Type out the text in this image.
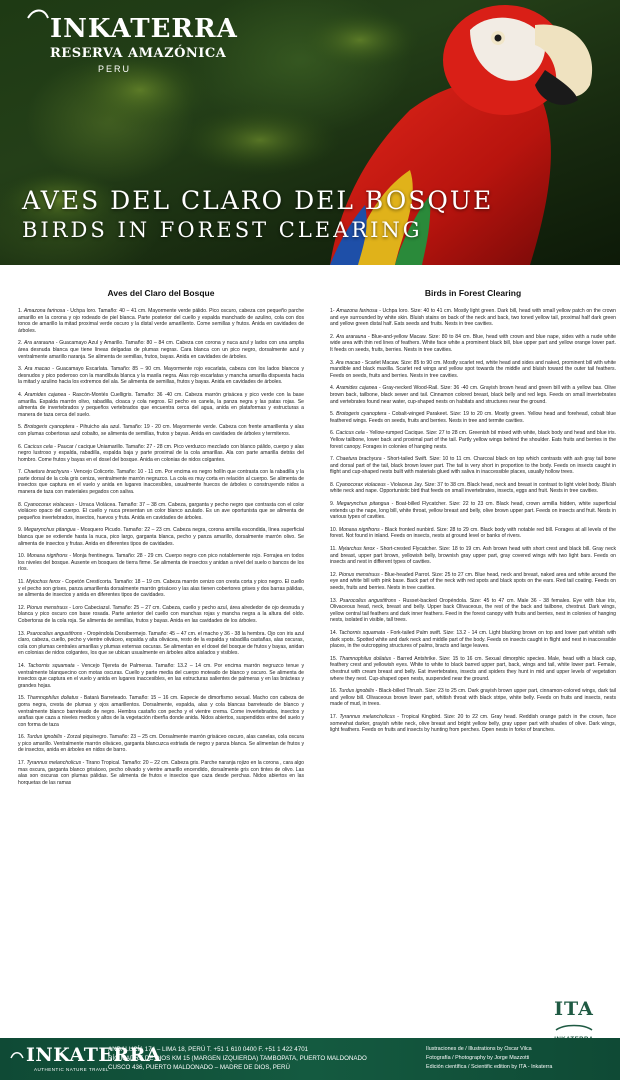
INKATERRA
RESERVA AMAZÓNICA
PERU
AVES DEL CLARO DEL BOSQUE
BIRDS IN FOREST CLEARING
Aves del Claro del Bosque

1. Amazona farinosa - Uchpa loro. Tamaño: 40 – 41 cm. Mayormente verde pálido. Pico oscuro, cabeza con pequeño parche amarillo en la corona y ojo rodeado de piel blanca. Parte posterior del cuello y espalda manchado de azulino, cola con dos tonos de amarillo la mitad proximal verde oscuro y la distal verde amarillento. Come semillas y frutos. Anida en cavidades de árboles.

2. Ara ararauna - Guacamayo Azul y Amarillo. Tamaño: 80 – 84 cm. Cabeza con corona y nuca azul y lados con una amplia área desnuda blanca que tiene líneas delgadas de plumas negras. Cara blanca con un pico negro, dorsalmente azul y ventralmente amarillo naranja. Se alimenta de semillas, frutos, bayas. Anida en cavidades de árboles.

3. Ara macao - Guacamayo Escarlata. Tamaño: 85 – 90 cm. Mayormente rojo escarlata, cabeza con los lados blancos y desnudos y pico poderoso con la mandíbula blanca y la maxila negra. Alas rojo escarlatas y mancha amarilla dispuesta hacia la mitad y azulino hacia los extremos del ala. Se alimenta de semillas, frutos y bayas. Anida en cavidades de árboles.

4. Aramides cajanea - Rascón-Montés Cuelligris. Tamaño: 36 -40 cm. Cabeza marrón grisácea y pico verde con la base amarilla. Espalda marrón olivo, rabadilla, cloaca y cola negros. El pecho es canela, la panza negra y las patas rojas. Se alimenta de invertebrados y pequeños vertebrados que encuentra cerca del agua, anida en plataformas y estructuras a manera de taza cerca del suelo.

5. Brotogeris cyanoptera - Pihuicho ala azul. Tamaño: 19 - 20 cm. Mayormente verde. Cabeza con frente amarillenta y alas con plumas cobertoras azul cobalto, se alimenta de semillas, frutos y bayas. Anida en cavidades de árboles y termiteros.

6. Cacicus cela - Paucar / cacique Uniamarillo. Tamaño: 27 - 28 cm. Pico verduzco mezclado con blanco pálido, cuerpo y alas negro lustroso y espalda, rabadilla, espalda baja y parte proximal de la cola amarillas. Ala con parte amarilla detrás del hombro. Come frutos y bayas en el dosel del bosque. Anida en colonias de nidos colgantes.

7. Chaetura brachyura - Vencejo Colicorto. Tamaño: 10 - 11 cm. Por encima es negro hollín que contrasta con la rabadilla y la parte dorsal de la cola gris ceniza, ventralmente marrón negruzco. La cola es muy corta en relación al cuerpo. Se alimenta de insectos que captura en el vuelo y anida en lugares inaccesibles, usualmente huecos de árboles o construyendo nidos a manera de taza con materiales pegados con saliva.

8. Cyanocorax violaceus - Urraca Violácea. Tamaño: 37 – 38 cm. Cabeza, garganta y pecho negro que contrasta con el color violáceo opaco del cuerpo. El cuello y nuca presentan un color blanco azulado. Es un ave oportunista que se alimenta de pequeños invertebrados, insectos, huevos y fruta. Anida en cavidades de árboles.

9. Megarynchus pitangua - Mosquero Picudo. Tamaño: 22 – 23 cm. Cabeza negra, corona armilla escondida, línea superficial blanca que se extiende hasta la nuca, pico largo, garganta blanca, pecho y panza amarillo, dorsalmente marrón olivo. Se alimenta de insectos y frutas. Anida en diferentes tipos de cavidades.

10. Monasa nigrifrons - Monja frentinegra. Tamaño: 28 - 29 cm. Cuerpo negro con pico notablemente rojo. Forrajea en todos los niveles del bosque. Ausente en bosques de tierra firme. Se alimenta de insectos y anidan a nivel del suelo o bancos de los ríos.

11. Myiochus ferox - Copetón Crestícorta. Tamaño: 18 – 19 cm. Cabeza marrón cenizo con cresta corta y pico negro. El cuello y el pecho son grises, panza amarillenta dorsalmente marrón grisáceo y las alas tienen cobertores grises y dos barras pálidas, se alimenta de insectos y anida en diferentes tipos de cavidades.

12. Pionus menstruus - Loro Cabeciazul. Tamaño: 25 – 27 cm. Cabeza, cuello y pecho azul, área alrededor de ojo desnuda y blanca y pico oscuro con base rosada. Parte anterior del cuello con manchas rojas y mancha negra a la altura del oído. Cobertoras de la cola roja. Se alimenta de semillas, frutos y bayas. Anida en las cavidades de los árboles.

13. Psarocolius angustifrons - Oropéndola Dorsibermejo. Tamaño: 45 – 47 cm. el macho y 36 - 38 la hembra. Ojo con iris azul claro, cabeza, cuello, pecho y vientre oliváceo, espalda y alta olivácea, resto de la espalda y rabadilla castañas, alas oscuras, cola con plumas centrales amarillas y plumas externas oscuras. Se alimentan en el dosel del bosque de frutos y bayas, anidan en colonias de nidos colgantes, los que se ubican usualmente en árboles altos aislados y visibles.

14. Tachornis squamata - Vencejo Tijereta de Palmeras. Tamaño: 13.2 – 14 cm. Por encima marrón negruzco tenue y ventralmente blanquecino con motas oscuras. Cuello y parte media del cuerpo moteado de blanco y oscuro. Se alimenta de insectos que captura en el vuelo y anida en lugares inaccesibles, en las estructuras salientes de palmeras y en las brácteas y grandes hojas.

15. Thamnophilus doliatus - Batará Barreteado. Tamaño: 15 – 16 cm. Especie de dimorfismo sexual. Macho con cabeza de gorra negra, cresta de plumas y ojos amarillentos. Dorsalmente, espalda, alas y cola blancas barreteado de blanco y ventralmente blanco barreteado de negro. Hembra castaño con pecho y el vientre crema. Come invertebrados, insectos y arañas que caza a niveles medios y altos de la vegetación riberña donde anida. Nidos abiertos, suspendidos entre del suelo y con forma de taza

16. Turdus ignobilis - Zorzal piquinegro. Tamaño: 23 – 25 cm. Dorsalmente marrón grisáceo oscuro, alas canelas, cola oscura y pico amarillo. Ventralmente marrón oliváceo, garganta blancuzca estriada de negro y panza blanca. Se alimentan de frutos y de insectos, anida en árboles en nidos de barro.

17. Tyrannus melancholicus - Tirano Tropical. Tamaño: 20 – 22 cm. Cabeza gris. Parche naranja rojizo en la corona , cara algo mas oscura, garganta blanco grisáceo, pecho olivado y vientre amarillo encendido, dorsalmente gris con tintes de olivo. Las alas son oscuras con plumas pálidas. Se alimenta de frutos e insectos que caza desde perchas. Nidos abiertos en las horquetas de las ramas

Birds in Forest Clearing

1- Amazona farinosa - Uchpa loro. Size: 40 to 41 cm. Mostly light green. Dark bill, head with small yellow patch on the crown and eye surrounded by white skin. Bluish stains on back of the neck and back, two toned yellow tail, proximal half dark green and yellow green distal half. Eats seeds and fruits. Nests in tree cavities.

2. Ara ararauna - Blue-and-yellow Macaw. Size: 80 to 84 cm. Blue, head with crown and blue nape, sides with a nude white wide area with thin red lines of feathers. White face white a prominent black bill, blue upper part and yellow orange lower part. It feeds on seeds, fruits, berries. Nests in tree cavities.

3. Ara macao - Scarlet Macaw. Size: 85 to 90 cm. Mostly scarlet red, white head and sides and naked, prominent bill with white mandible and black maxilla. Scarlet red wings and yellow spot towards the middle and bluish toward the outer tail feathers. Feeds on seeds, fruits and berries. Nests in tree cavities.

4. Aramides cajanea - Gray-necked Wood-Rail. Size: 36 -40 cm. Grayish brown head and green bill with a yellow bas. Olive brown back, tailbone, black sewer and tail. Cinnamon colored breast, black belly and red legs. Feeds on small invertebrates and vertebrates found near water, cup-shaped nests on habitats and structures near the ground.

5. Brotogeris cyanoptera - Cobalt-winged Parakeet. Size: 19 to 20 cm. Mostly green. Yellow head and forehead, cobalt blue feathered wings. Feeds on seeds, fruits and berries. Nests in tree and termite cavities.

6. Cacicus cela - Yellow-rumped Cacique. Size: 27 to 28 cm. Greenish bil mixed with white, black body and head and blue iris. Yellow tailbone, lower back and proximal part of the tail. Partly yellow wings behind the shoulder. Eats fruits and berries in the forest canopy. Forages in colonies of hanging nests.

7. Chaetura brachyura - Short-tailed Swift. Size: 10 to 11 cm. Charcoal black on top which contrasts with ash gray tail bone and dorsal part of the tail, black brown lower part. The tail is very short in proportion to the body. Feeds on insects caught in flight and cup-shaped nests built with materials glued with saliva in inaccessible places, usually hollow trees.

8. Cyanocorax violaceus - Violaceus Jay. Size: 37 to 38 cm. Black head, neck and breast in contrast to light violet body. Bluish white neck and nape. Opportunistic bird that feeds on small invertebrates, insects, eggs and fruit. Nests in tree cavities.

9. Megarynchus pitangua - Boat-billed Flycatcher. Size: 22 to 23 cm. Black head, crown armilla hidden, white superficial extends up the nape, long bill, white throat, yellow breast and belly, olive brown upper part. Feeds on insects and fruit. Nests in various types of cavities.

10. Monasa nigrifrons - Black fronted nunbird. Size: 28 to 29 cm. Black body with notable red bill. Forages at all levels of the forest. Not found in inland. Feeds on insects, nests at ground level or banks of rivers.

11. Myiarchus ferox - Short-crested Flycatcher. Size: 18 to 19 cm. Ash brown head with short crest and black bill. Gray neck and breast, upper part brown, yellowish belly, brownish gray upper part, gray covered wings with two light bars. Feeds on insects and nest in different types of cavities.

12. Pionus menstruus - Blue-headed Parrot. Size: 25 to 27 cm. Blue head, neck and breast, naked area and white around the eye and white bill with pink base. Back part of the neck with red spots and black spots on the ears. Red tail coating. Feeds on seeds, fruits and berries. Nests in tree cavities.

13. Psarocolius angustifrons - Russet-backed Oropéndola. Size: 45 to 47 cm. Male 36 - 38 females. Eye with blue iris, Olivaceous head, neck, breast and belly. Upper back Olivaceous, the rest of the back and tailbone, chestnut. Dark wings, yellow central tail feathers and dark inner feathers. Feed in the forest canopy with fruits and berries, nest in colonies of hanging nests, isolated in visible, tall trees.

14. Tachornis squamata - Fork-tailed Palm swift. Size: 13.2 - 14 cm. Light blacking brown on top and lower part whitish with dark spots. Spotted white and dark neck and middle part of the body. Feeds on insects caught in flight and nest in inaccessible places, in the outcropping structures of palms, bracts and large leaves.

15. Thamnophilus doliatus - Barred Antshrike. Size: 15 to 16 cm. Sexual dimorphic species. Male, head with a black cap, feathery crest and yellowish eyes. White to white to black barred upper part, back, wings and tail, white lower part. Female, chestnut with cream breast and belly. Eat invertebrates, insects and spiders they hunt in mid and upper levels of vegetation where they nest. Cup-shaped open nests, suspended near the ground.

16. Turdus ignobilis - Black-billed Thrush. Size: 23 to 25 cm. Dark grayish brown upper part, cinnamon-colored wings, dark tail and yellow bill. Olivaceous brown lower part, whitish throat with black stripe, white belly. Feeds on fruits and insects, nests made of mud, in trees.

17. Tyrannus melancholicus - Tropical Kingbird. Size: 20 to 22 cm. Gray head. Reddish orange patch in the crown, face somewhat darker, grayish white neck, olive breast and bright yellow belly, gray upper part with shades of olive. Dark wings, light feathers. Feeds on fruits and insects by hunting from perches. Open nests in forks of branches.

ITA
INKATERRA
AUTHENTIC NATURE TRAVEL
ANDALUCÍA 174 – LIMA 18, PERÚ T. +51 1 610 0400 F. +51 1 422 4701
RÍO MADRE DE DIOS KM 15 (MARGEN IZQUIERDA) TAMBOPATA, PUERTO MALDONADO
CUSCO 436, PUERTO MALDONADO – MADRE DE DIOS, PERÚ
Ilustraciones de / Illustrations by Oscar Vilca
Fotografía / Photography by Jorge Mazzotti
Edición científica / Scientific edition by ITA - Inkaterra
